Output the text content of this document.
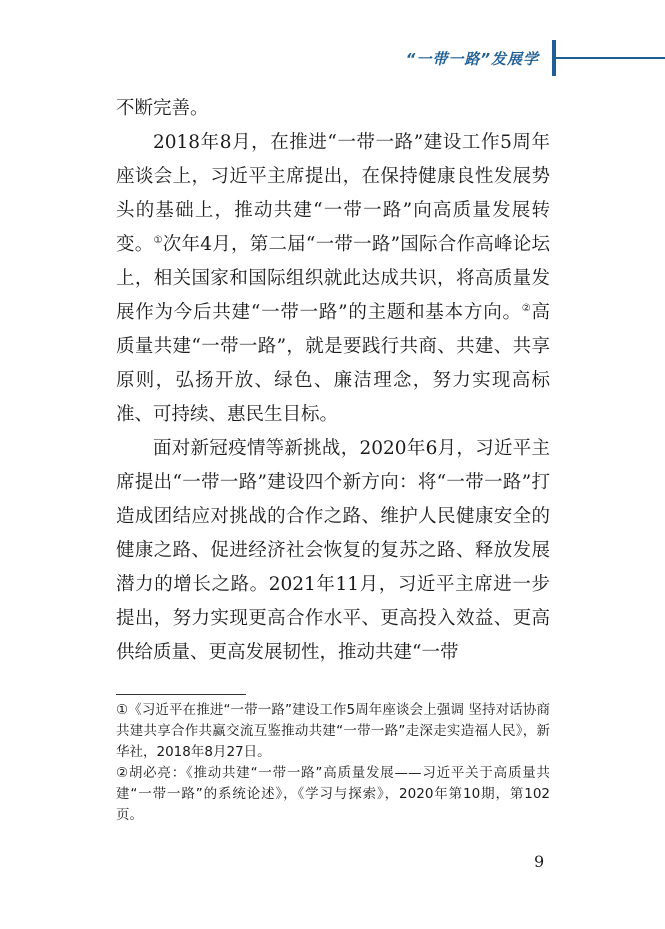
“一带一路”发展学

不断完善。

2018年8月，在推进“一带一路”建设工作5周年座谈会上，习近平主席提出，在保持健康良性发展势头的基础上，推动共建“一带一路”向高质量发展转变。①次年4月，第二届“一带一路”国际合作高峰论坛上，相关国家和国际组织就此达成共识，将高质量发展作为今后共建“一带一路”的主题和基本方向。②高质量共建“一带一路”，就是要践行共商、共建、共享原则，弘扬开放、绿色、廉洁理念，努力实现高标准、可持续、惠民生目标。

面对新冠疫情等新挑战，2020年6月，习近平主席提出“一带一路”建设四个新方向：将“一带一路”打造成团结应对挑战的合作之路、维护人民健康安全的健康之路、促进经济社会恢复的复苏之路、释放发展潜力的增长之路。2021年11月，习近平主席进一步提出，努力实现更高合作水平、更高投入效益、更高供给质量、更高发展韧性，推动共建“一带

①《习近平在推进“一带一路”建设工作5周年座谈会上强调 坚持对话协商共建共享合作共赢交流互鉴推动共建“一带一路”走深走实造福人民》，新华社，2018年8月27日。

②胡必亮：《推动共建“一带一路”高质量发展——习近平关于高质量共建“一带一路”的系统论述》，《学习与探索》，2020年第10期，第102页。

9
